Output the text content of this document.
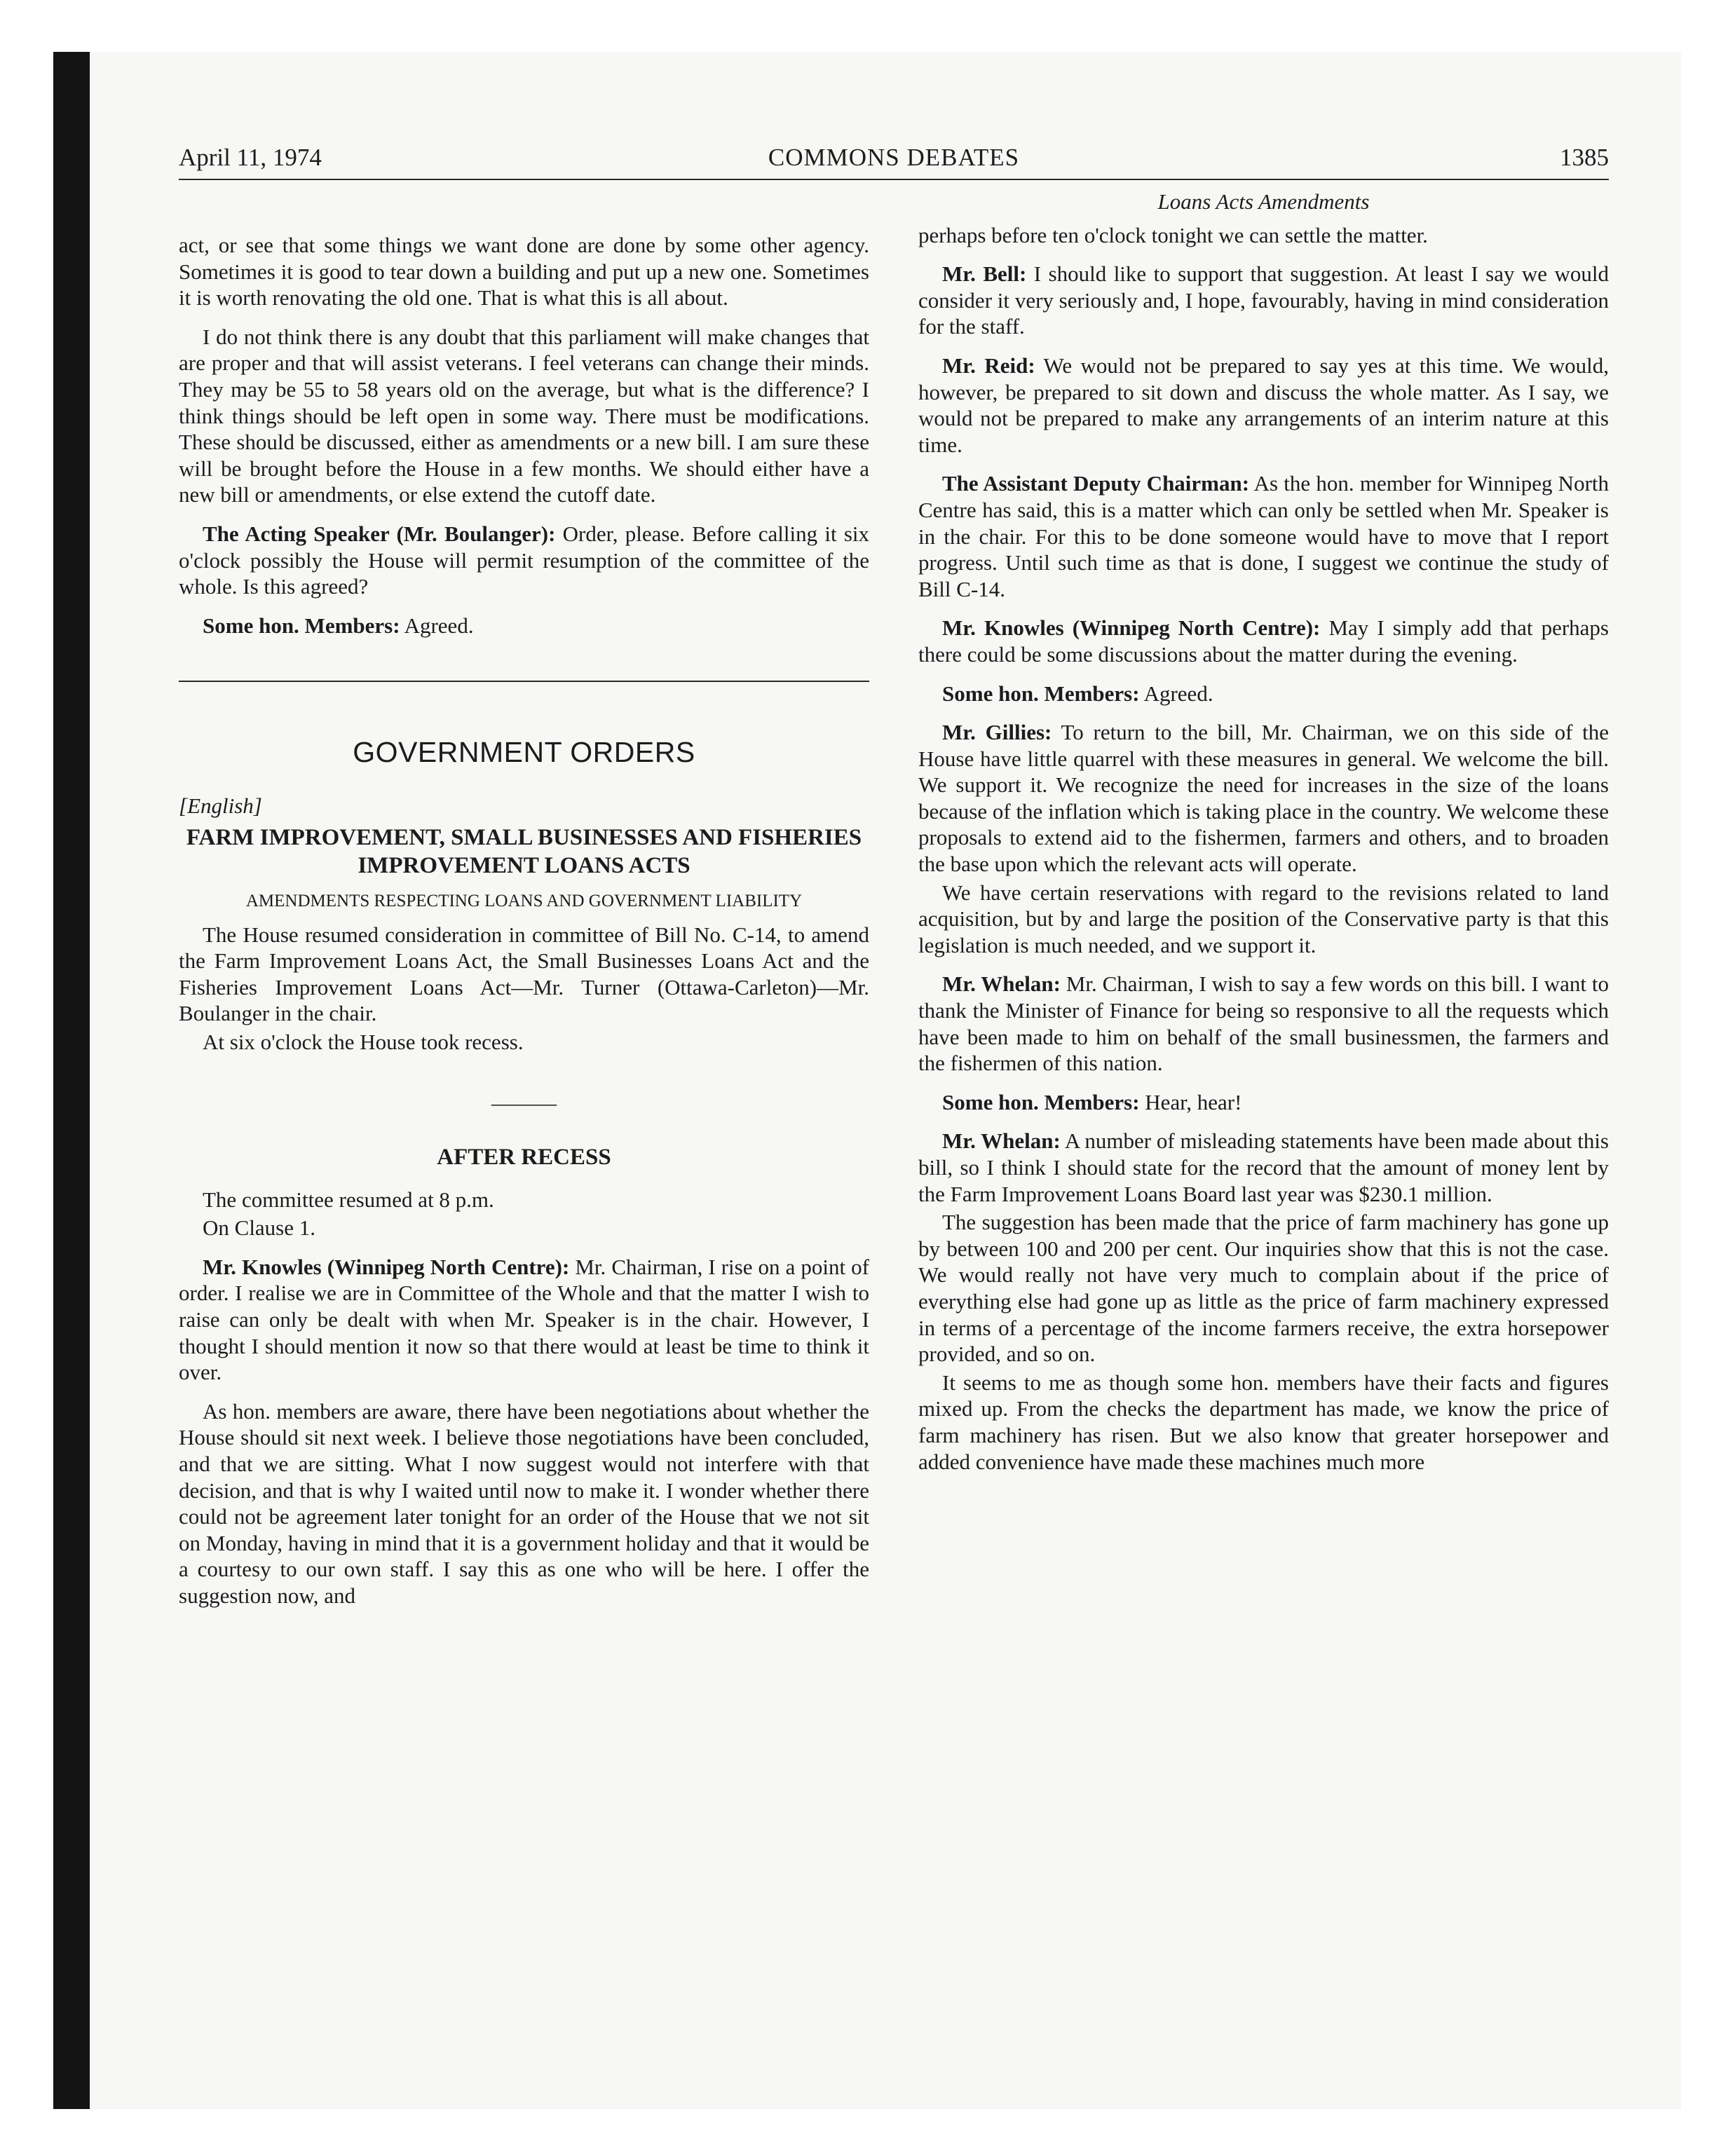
April 11, 1974	COMMONS DEBATES	1385

act, or see that some things we want done are done by some other agency. Sometimes it is good to tear down a building and put up a new one. Sometimes it is worth renovating the old one. That is what this is all about.

I do not think there is any doubt that this parliament will make changes that are proper and that will assist veterans. I feel veterans can change their minds. They may be 55 to 58 years old on the average, but what is the difference? I think things should be left open in some way. There must be modifications. These should be discussed, either as amendments or a new bill. I am sure these will be brought before the House in a few months. We should either have a new bill or amendments, or else extend the cutoff date.

The Acting Speaker (Mr. Boulanger): Order, please. Before calling it six o'clock possibly the House will permit resumption of the committee of the whole. Is this agreed?

Some hon. Members: Agreed.

GOVERNMENT ORDERS
[English]
FARM IMPROVEMENT, SMALL BUSINESSES AND FISHERIES IMPROVEMENT LOANS ACTS
AMENDMENTS RESPECTING LOANS AND GOVERNMENT LIABILITY

The House resumed consideration in committee of Bill No. C-14, to amend the Farm Improvement Loans Act, the Small Businesses Loans Act and the Fisheries Improvement Loans Act—Mr. Turner (Ottawa-Carleton)—Mr. Boulanger in the chair.

At six o'clock the House took recess.

———
AFTER RECESS

The committee resumed at 8 p.m.

On Clause 1.

Mr. Knowles (Winnipeg North Centre): Mr. Chairman, I rise on a point of order. I realise we are in Committee of the Whole and that the matter I wish to raise can only be dealt with when Mr. Speaker is in the chair. However, I thought I should mention it now so that there would at least be time to think it over.

As hon. members are aware, there have been negotiations about whether the House should sit next week. I believe those negotiations have been concluded, and that we are sitting. What I now suggest would not interfere with that decision, and that is why I waited until now to make it. I wonder whether there could not be agreement later tonight for an order of the House that we not sit on Monday, having in mind that it is a government holiday and that it would be a courtesy to our own staff. I say this as one who will be here. I offer the suggestion now, and

Loans Acts Amendments

perhaps before ten o'clock tonight we can settle the matter.

Mr. Bell: I should like to support that suggestion. At least I say we would consider it very seriously and, I hope, favourably, having in mind consideration for the staff.

Mr. Reid: We would not be prepared to say yes at this time. We would, however, be prepared to sit down and discuss the whole matter. As I say, we would not be prepared to make any arrangements of an interim nature at this time.

The Assistant Deputy Chairman: As the hon. member for Winnipeg North Centre has said, this is a matter which can only be settled when Mr. Speaker is in the chair. For this to be done someone would have to move that I report progress. Until such time as that is done, I suggest we continue the study of Bill C-14.

Mr. Knowles (Winnipeg North Centre): May I simply add that perhaps there could be some discussions about the matter during the evening.

Some hon. Members: Agreed.

Mr. Gillies: To return to the bill, Mr. Chairman, we on this side of the House have little quarrel with these measures in general. We welcome the bill. We support it. We recognize the need for increases in the size of the loans because of the inflation which is taking place in the country. We welcome these proposals to extend aid to the fishermen, farmers and others, and to broaden the base upon which the relevant acts will operate.

We have certain reservations with regard to the revisions related to land acquisition, but by and large the position of the Conservative party is that this legislation is much needed, and we support it.

Mr. Whelan: Mr. Chairman, I wish to say a few words on this bill. I want to thank the Minister of Finance for being so responsive to all the requests which have been made to him on behalf of the small businessmen, the farmers and the fishermen of this nation.

Some hon. Members: Hear, hear!

Mr. Whelan: A number of misleading statements have been made about this bill, so I think I should state for the record that the amount of money lent by the Farm Improvement Loans Board last year was $230.1 million.

The suggestion has been made that the price of farm machinery has gone up by between 100 and 200 per cent. Our inquiries show that this is not the case. We would really not have very much to complain about if the price of everything else had gone up as little as the price of farm machinery expressed in terms of a percentage of the income farmers receive, the extra horsepower provided, and so on.

It seems to me as though some hon. members have their facts and figures mixed up. From the checks the department has made, we know the price of farm machinery has risen. But we also know that greater horsepower and added convenience have made these machines much more
